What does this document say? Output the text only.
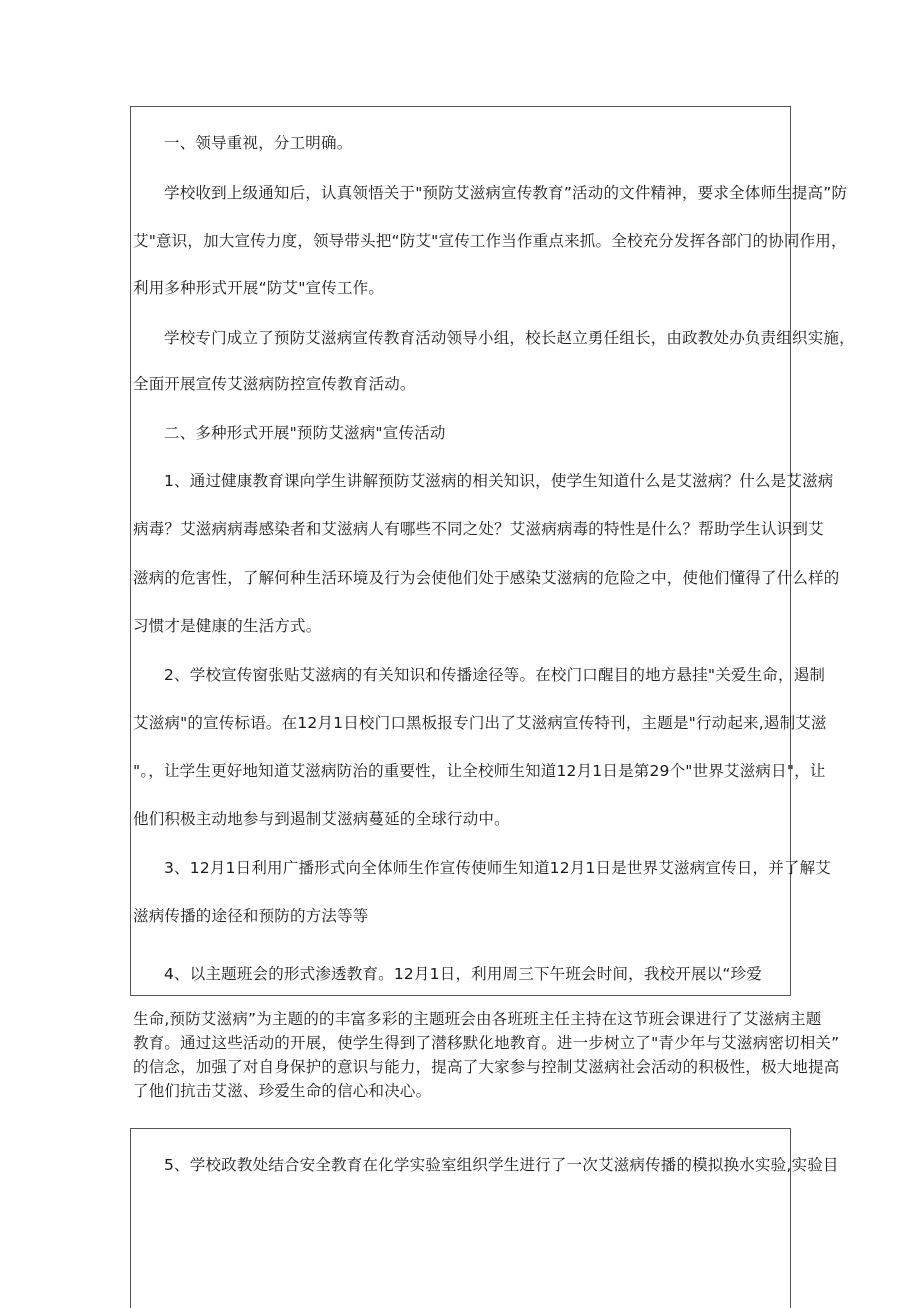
一、领导重视，分工明确。
学校收到上级通知后，认真领悟关于"预防艾滋病宣传教育”活动的文件精神，要求全体师生提高”防
艾"意识，加大宣传力度，领导带头把“防艾"宣传工作当作重点来抓。全校充分发挥各部门的协同作用，
利用多种形式开展“防艾"宣传工作。
学校专门成立了预防艾滋病宣传教育活动领导小组，校长赵立勇任组长，由政教处办负责组织实施，
全面开展宣传艾滋病防控宣传教育活动。
二、多种形式开展"预防艾滋病"宣传活动
1、通过健康教育课向学生讲解预防艾滋病的相关知识，使学生知道什么是艾滋病？什么是艾滋病
病毒？艾滋病病毒感染者和艾滋病人有哪些不同之处？艾滋病病毒的特性是什么？帮助学生认识到艾
滋病的危害性，了解何种生活环境及行为会使他们处于感染艾滋病的危险之中，使他们懂得了什么样的
习惯才是健康的生活方式。
2、学校宣传窗张贴艾滋病的有关知识和传播途径等。在校门口醒目的地方悬挂"关爱生命，遏制
艾滋病"的宣传标语。在12月1日校门口黑板报专门出了艾滋病宣传特刊，主题是"行动起来,遏制艾滋
"。，让学生更好地知道艾滋病防治的重要性，让全校师生知道12月1日是第29个"世界艾滋病日"，让
他们积极主动地参与到遏制艾滋病蔓延的全球行动中。
3、12月1日利用广播形式向全体师生作宣传使师生知道12月1日是世界艾滋病宣传日，并了解艾
滋病传播的途径和预防的方法等等
4、以主题班会的形式渗透教育。12月1日，利用周三下午班会时间，我校开展以“珍爱
生命,预防艾滋病”为主题的的丰富多彩的主题班会由各班班主任主持在这节班会课进行了艾滋病主题
教育。通过这些活动的开展，使学生得到了潜移默化地教育。进一步树立了"青少年与艾滋病密切相关”
的信念，加强了对自身保护的意识与能力，提高了大家参与控制艾滋病社会活动的积极性，极大地提高
了他们抗击艾滋、珍爱生命的信心和决心。
5、学校政教处结合安全教育在化学实验室组织学生进行了一次艾滋病传播的模拟换水实验,实验目
